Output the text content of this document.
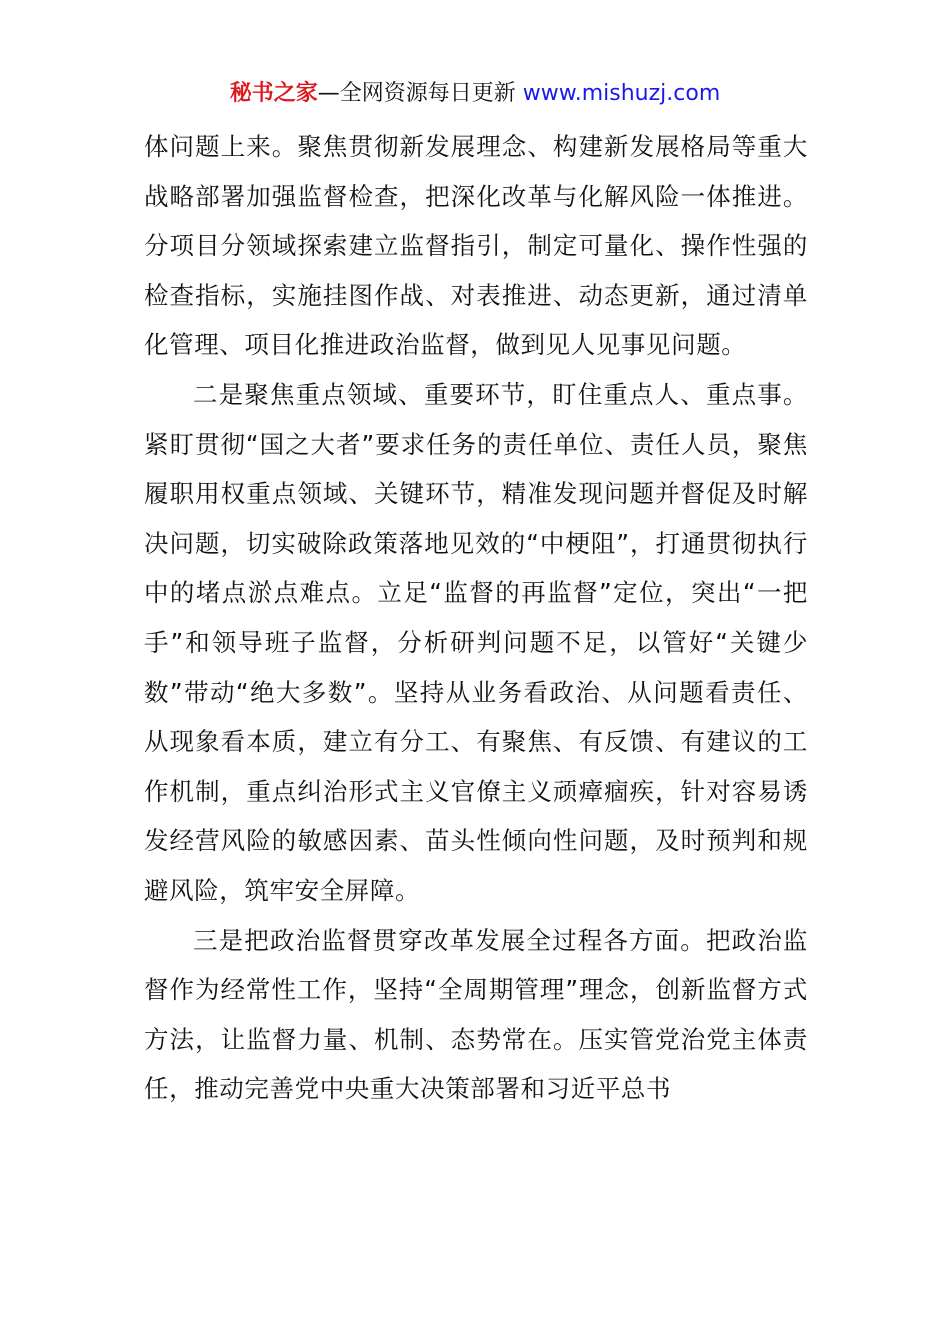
秘书之家—全网资源每日更新 www.mishuzj.com

体问题上来。聚焦贯彻新发展理念、构建新发展格局等重大战略部署加强监督检查，把深化改革与化解风险一体推进。分项目分领域探索建立监督指引，制定可量化、操作性强的检查指标，实施挂图作战、对表推进、动态更新，通过清单化管理、项目化推进政治监督，做到见人见事见问题。

二是聚焦重点领域、重要环节，盯住重点人、重点事。紧盯贯彻“国之大者”要求任务的责任单位、责任人员，聚焦履职用权重点领域、关键环节，精准发现问题并督促及时解决问题，切实破除政策落地见效的“中梗阻”，打通贯彻执行中的堵点淤点难点。立足“监督的再监督”定位，突出“一把手”和领导班子监督，分析研判问题不足，以管好“关键少数”带动“绝大多数”。坚持从业务看政治、从问题看责任、从现象看本质，建立有分工、有聚焦、有反馈、有建议的工作机制，重点纠治形式主义官僚主义顽瘴痼疾，针对容易诱发经营风险的敏感因素、苗头性倾向性问题，及时预判和规避风险，筑牢安全屏障。

三是把政治监督贯穿改革发展全过程各方面。把政治监督作为经常性工作，坚持“全周期管理”理念，创新监督方式方法，让监督力量、机制、态势常在。压实管党治党主体责任，推动完善党中央重大决策部署和习近平总书
